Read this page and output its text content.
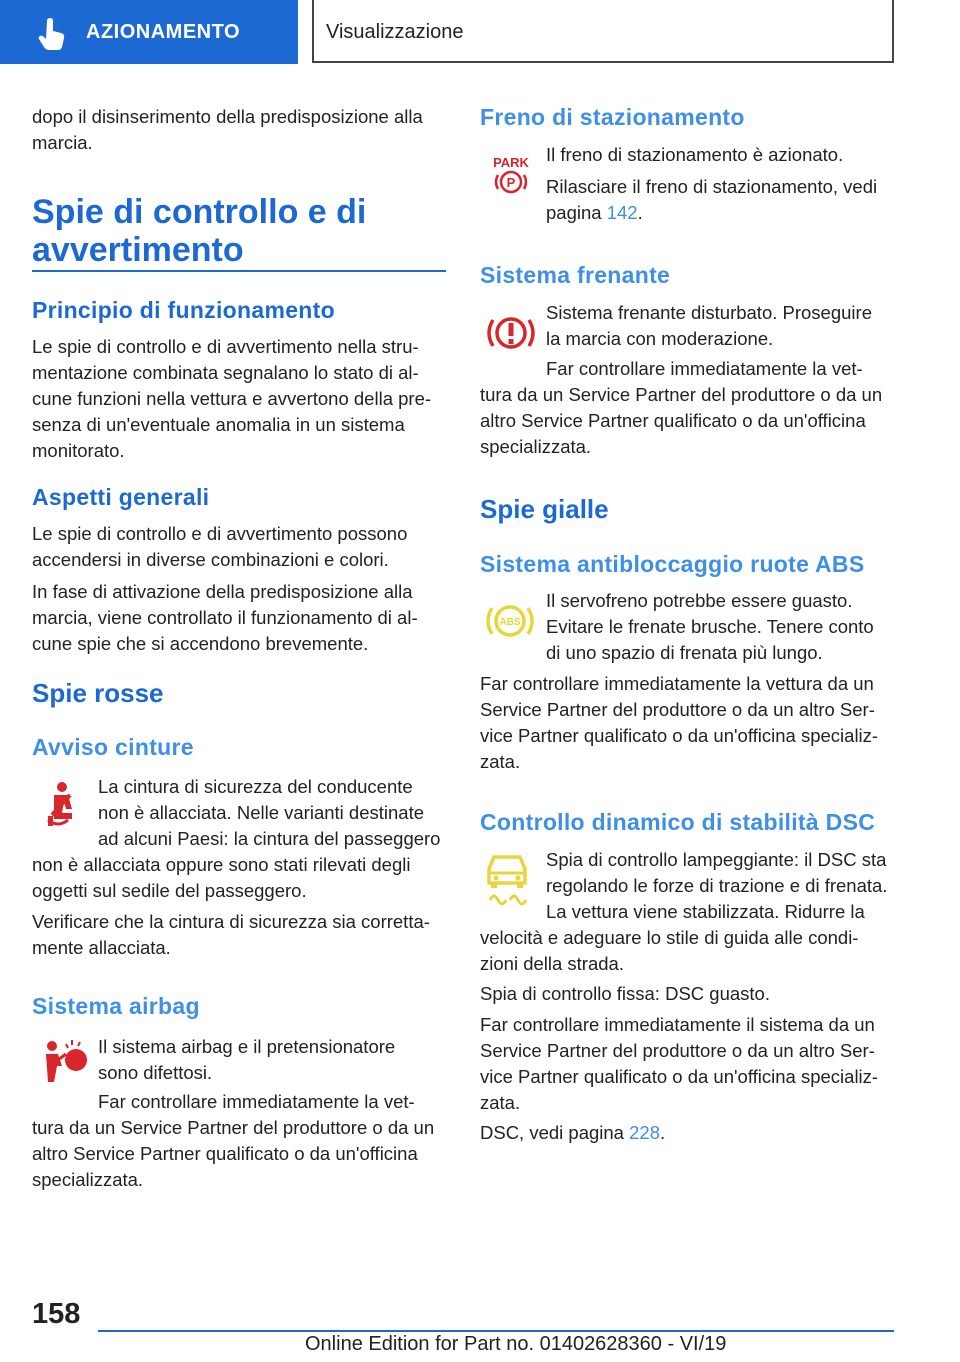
AZIONAMENTO	Visualizzazione

dopo il disinserimento della predisposizione alla marcia.

Spie di controllo e di
avvertimento
Principio di funzionamento

Le spie di controllo e di avvertimento nella stru-mentazione combinata segnalano lo stato di al-cune funzioni nella vettura e avvertono della pre-senza di un'eventuale anomalia in un sistema monitorato.

Aspetti generali

Le spie di controllo e di avvertimento possono accendersi in diverse combinazioni e colori.

In fase di attivazione della predisposizione alla marcia, viene controllato il funzionamento di al-cune spie che si accendono brevemente.

Spie rosse
Avviso cinture

La cintura di sicurezza del conducente

non è allacciata. Nelle varianti destinate

ad alcuni Paesi: la cintura del passeggero

non è allacciata oppure sono stati rilevati degli oggetti sul sedile del passeggero.

Verificare che la cintura di sicurezza sia corretta-mente allacciata.

Sistema airbag

Il sistema airbag e il pretensionatore

sono difettosi.

Far controllare immediatamente la vet-

tura da un Service Partner del produttore o da un altro Service Partner qualificato o da un'officina specializzata.

Freno di stazionamento
PARK
P

Il freno di stazionamento è azionato.

Rilasciare il freno di stazionamento, vedi

pagina 142.

Sistema frenante

Sistema frenante disturbato. Proseguire

la marcia con moderazione.

Far controllare immediatamente la vet-

tura da un Service Partner del produttore o da un altro Service Partner qualificato o da un'officina specializzata.

Spie gialle
Sistema antibloccaggio ruote ABS
ABS

Il servofreno potrebbe essere guasto.

Evitare le frenate brusche. Tenere conto

di uno spazio di frenata più lungo.

Far controllare immediatamente la vettura da un Service Partner del produttore o da un altro Ser-vice Partner qualificato o da un'officina specializ-zata.

Controllo dinamico di stabilità DSC

Spia di controllo lampeggiante: il DSC sta

regolando le forze di trazione e di frenata.

La vettura viene stabilizzata. Ridurre la

velocità e adeguare lo stile di guida alle condi-zioni della strada.

Spia di controllo fissa: DSC guasto.

Far controllare immediatamente il sistema da un Service Partner del produttore o da un altro Ser-vice Partner qualificato o da un'officina specializ-zata.

DSC, vedi pagina 228.

158
Online Edition for Part no. 01402628360 - VI/19
